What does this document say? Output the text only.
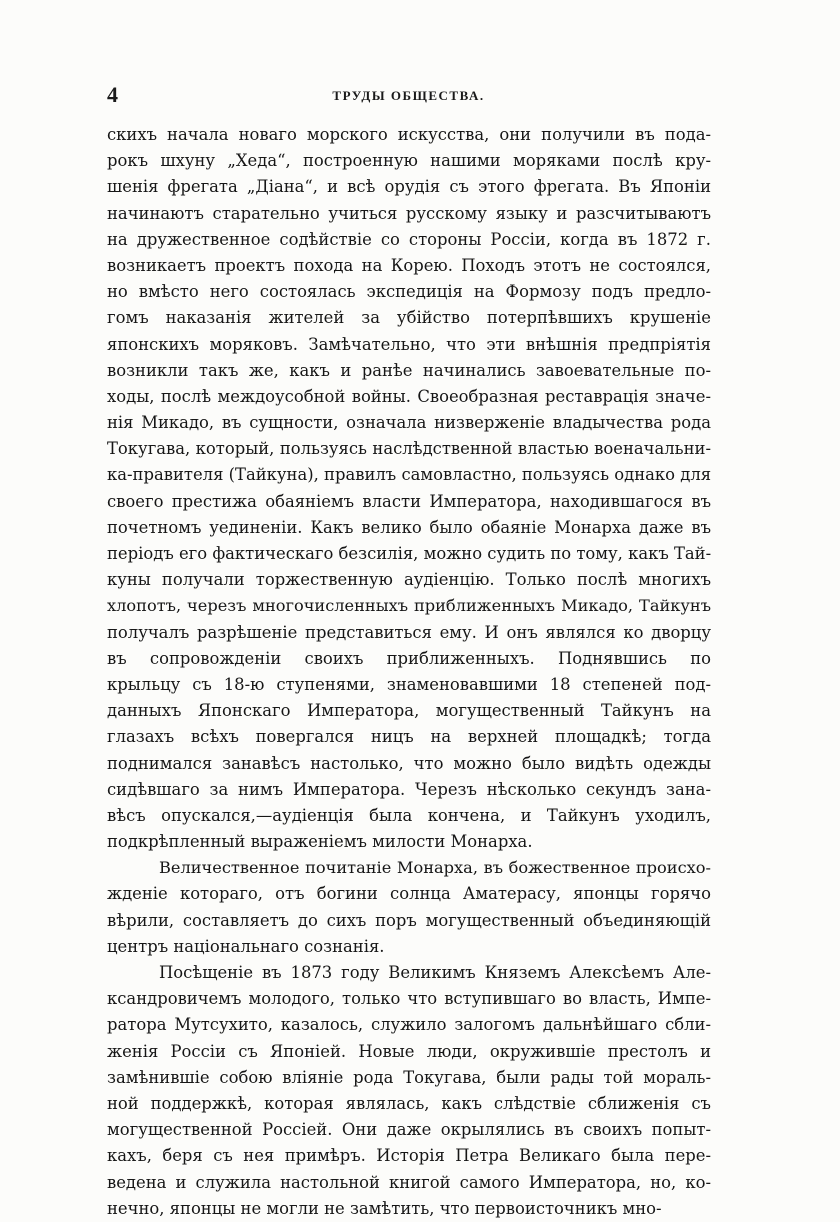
4	ТРУДЫ ОБЩЕСТВА.
скихъ начала новаго морского искусства, они получили въ пода-
рокъ шхуну „Хеда“, построенную нашими моряками послѣ кру-
шенія фрегата „Діана“, и всѣ орудія съ этого фрегата. Въ Японіи
начинаютъ старательно учиться русскому языку и разсчитываютъ
на дружественное содѣйствіе со стороны Россіи, когда въ 1872 г.
возникаетъ проектъ похода на Корею. Походъ этотъ не состоялся,
но вмѣсто него состоялась экспедиція на Формозу подъ предло-
гомъ наказанія жителей за убійство потерпѣвшихъ крушеніе
японскихъ моряковъ. Замѣчательно, что эти внѣшнія предпріятія
возникли такъ же, какъ и ранѣе начинались завоевательные по-
ходы, послѣ междоусобной войны. Своеобразная реставрація значе-
нія Микадо, въ сущности, означала низверженіе владычества рода
Токугава, который, пользуясь наслѣдственной властью военачальни-
ка-правителя (Тайкуна), правилъ самовластно, пользуясь однако для
своего престижа обаяніемъ власти Императора, находившагося въ
почетномъ уединеніи. Какъ велико было обаяніе Монарха даже въ
періодъ его фактическаго безсилія, можно судить по тому, какъ Тай-
куны получали торжественную аудіенцію. Только послѣ многихъ
хлопотъ, черезъ многочисленныхъ приближенныхъ Микадо, Тайкунъ
получалъ разрѣшеніе представиться ему. И онъ являлся ко дворцу
въ сопровожденіи своихъ приближенныхъ. Поднявшись по
крыльцу съ 18-ю ступенями, знаменовавшими 18 степеней под-
данныхъ Японскаго Императора, могущественный Тайкунъ на
глазахъ всѣхъ повергался ницъ на верхней площадкѣ; тогда
поднимался занавѣсъ настолько, что можно было видѣть одежды
сидѣвшаго за нимъ Императора. Черезъ нѣсколько секундъ зана-
вѣсъ опускался,—аудіенція была кончена, и Тайкунъ уходилъ,
подкрѣпленный выраженіемъ милости Монарха.
Величественное почитаніе Монарха, въ божественное происхо-
жденіе котораго, отъ богини солнца Аматерасу, японцы горячо
вѣрили, составляетъ до сихъ поръ могущественный объединяющій
центръ національнаго сознанія.
Посѣщеніе въ 1873 году Великимъ Княземъ Алексѣемъ Але-
ксандровичемъ молодого, только что вступившаго во власть, Импе-
ратора Мутсухито, казалось, служило залогомъ дальнѣйшаго сбли-
женія Россіи съ Японіей. Новые люди, окружившіе престолъ и
замѣнившіе собою вліяніе рода Токугава, были рады той мораль-
ной поддержкѣ, которая являлась, какъ слѣдствіе сближенія съ
могущественной Россіей. Они даже окрылялись въ своихъ попыт-
кахъ, беря съ нея примѣръ. Исторія Петра Великаго была пере-
ведена и служила настольной книгой самого Императора, но, ко-
нечно, японцы не могли не замѣтить, что первоисточникъ мно-
